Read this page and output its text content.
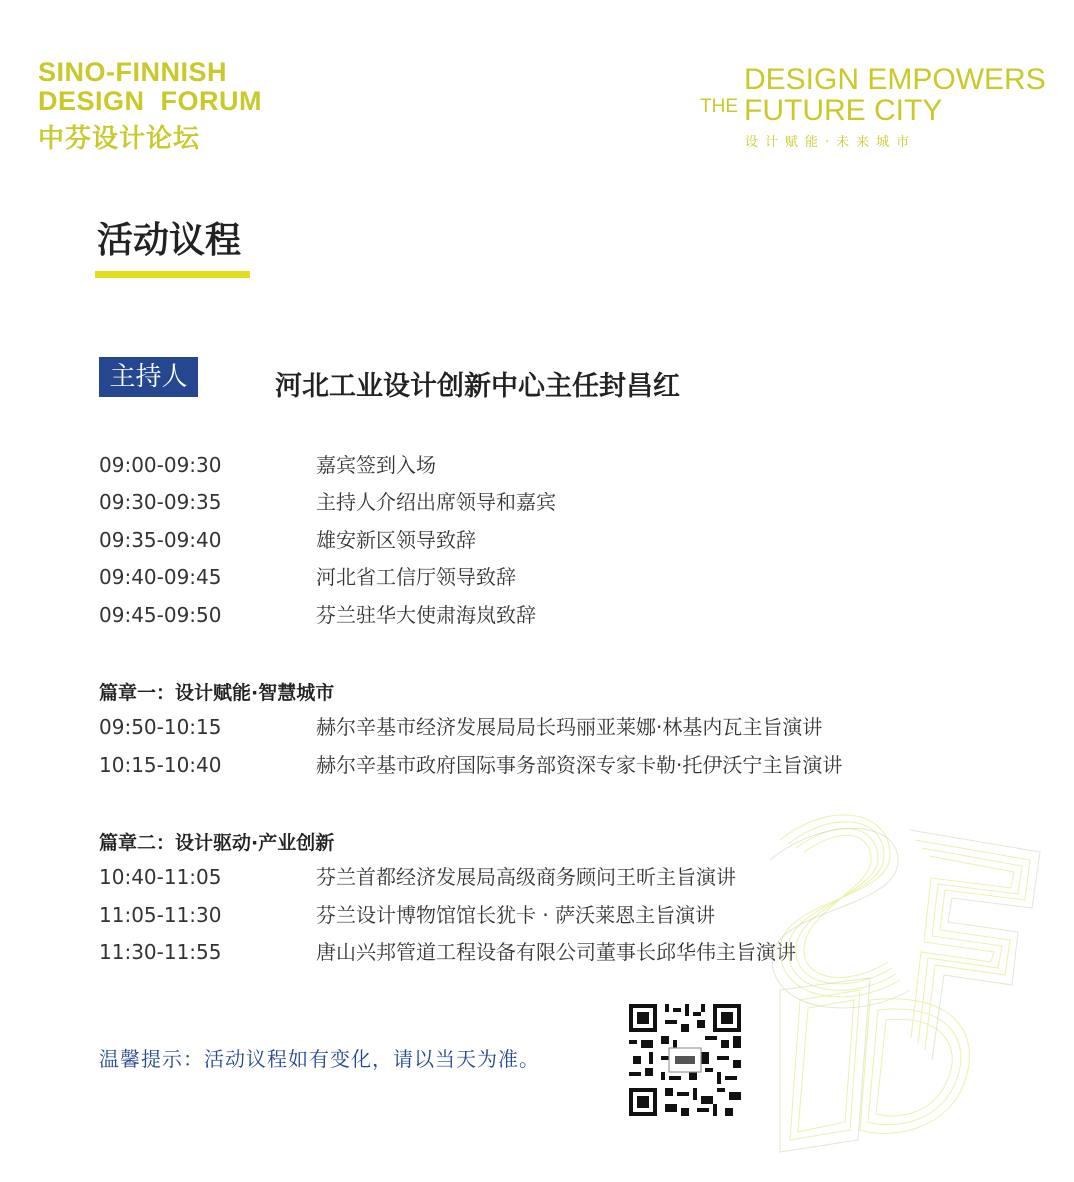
SINO-FINNISH
DESIGN  FORUM
中芬设计论坛
THE
DESIGN EMPOWERS
FUTURE CITY
设计赋能·未来城市
活动议程
主持人	河北工业设计创新中心主任封昌红
09:00-09:30	嘉宾签到入场
09:30-09:35	主持人介绍出席领导和嘉宾
09:35-09:40	雄安新区领导致辞
09:40-09:45	河北省工信厅领导致辞
09:45-09:50	芬兰驻华大使肃海岚致辞
篇章一：设计赋能·智慧城市
09:50-10:15	赫尔辛基市经济发展局局长玛丽亚莱娜·林基内瓦主旨演讲
10:15-10:40	赫尔辛基市政府国际事务部资深专家卡勒·托伊沃宁主旨演讲
篇章二：设计驱动·产业创新
10:40-11:05	芬兰首都经济发展局高级商务顾问王昕主旨演讲
11:05-11:30	芬兰设计博物馆馆长犹卡 · 萨沃莱恩主旨演讲
11:30-11:55	唐山兴邦管道工程设备有限公司董事长邱华伟主旨演讲
温馨提示：活动议程如有变化，请以当天为准。
